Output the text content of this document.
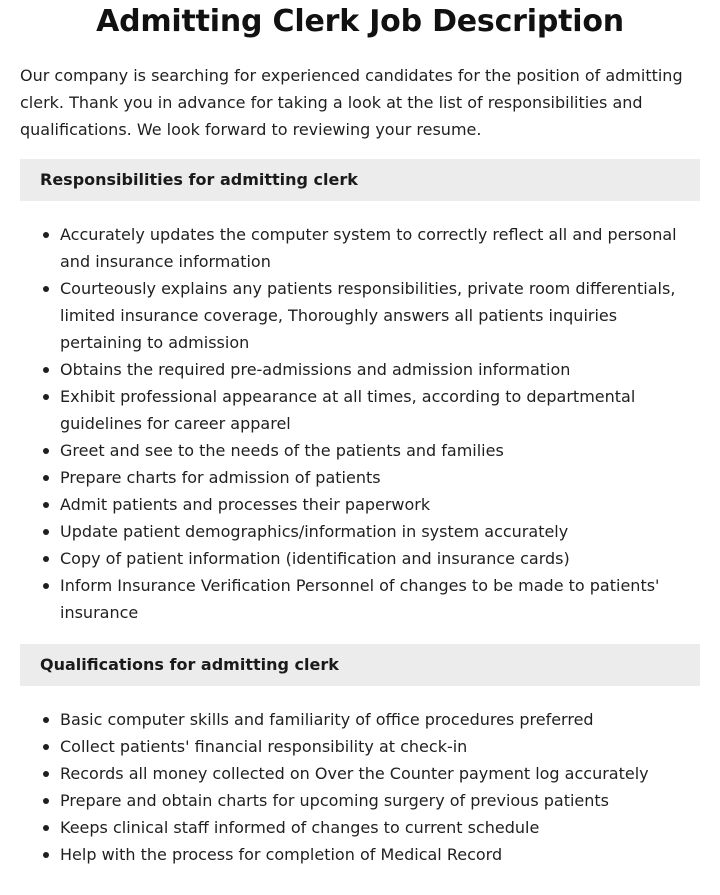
Admitting Clerk Job Description

Our company is searching for experienced candidates for the position of admitting clerk. Thank you in advance for taking a look at the list of responsibilities and qualifications. We look forward to reviewing your resume.

Responsibilities for admitting clerk
Accurately updates the computer system to correctly reflect all and personal and insurance information
Courteously explains any patients responsibilities, private room differentials, limited insurance coverage, Thoroughly answers all patients inquiries pertaining to admission
Obtains the required pre-admissions and admission information
Exhibit professional appearance at all times, according to departmental guidelines for career apparel
Greet and see to the needs of the patients and families
Prepare charts for admission of patients
Admit patients and processes their paperwork
Update patient demographics/information in system accurately
Copy of patient information (identification and insurance cards)
Inform Insurance Verification Personnel of changes to be made to patients' insurance
Qualifications for admitting clerk
Basic computer skills and familiarity of office procedures preferred
Collect patients' financial responsibility at check-in
Records all money collected on Over the Counter payment log accurately
Prepare and obtain charts for upcoming surgery of previous patients
Keeps clinical staff informed of changes to current schedule
Help with the process for completion of Medical Record
